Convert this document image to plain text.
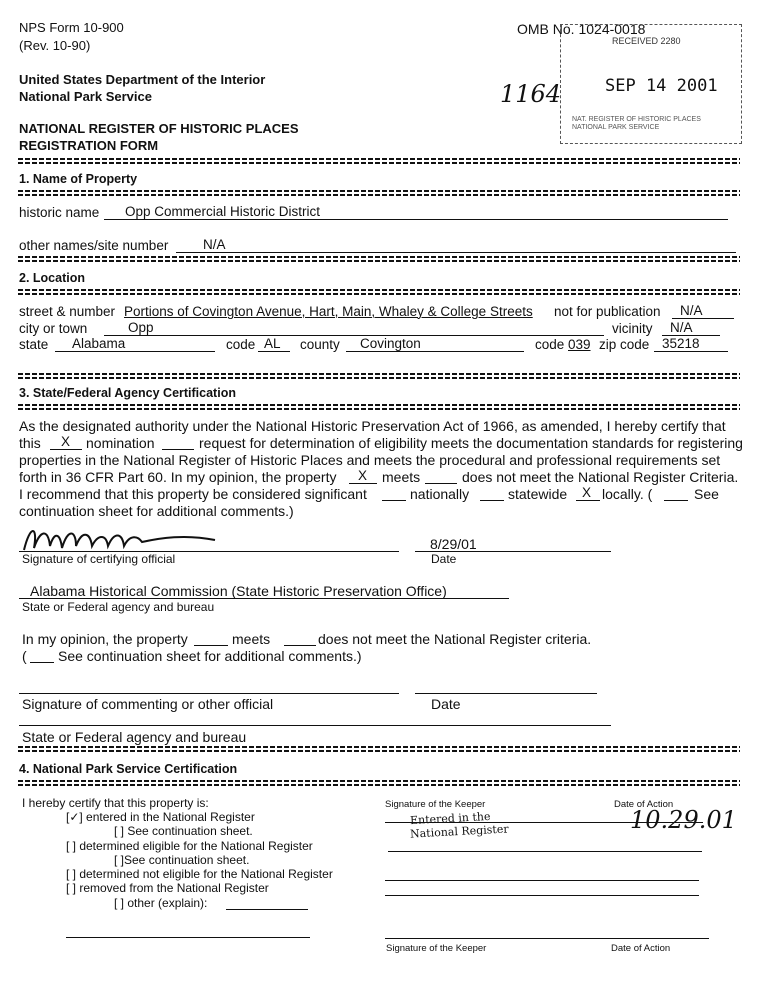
NPS Form 10-900
(Rev. 10-90)
United States Department of the Interior
National Park Service
NATIONAL REGISTER OF HISTORIC PLACES
REGISTRATION FORM
OMB No. 1024-0018
1164
RECEIVED 2280
SEP 14 2001
NAT. REGISTER OF HISTORIC PLACES NATIONAL PARK SERVICE
1. Name of Property
historic name Opp Commercial Historic District
other names/site number	N/A
2. Location
street & number Portions of Covington Avenue, Hart, Main, Whaley & College Streets not for publication N/A
city or town	Opp	vicinity N/A
state Alabama	code AL county Covington	code 039 zip code 35218
3. State/Federal Agency Certification
As the designated authority under the National Historic Preservation Act of 1966, as amended, I hereby certify that
this X nomination	request for determination of eligibility meets the documentation standards for registering
properties in the National Register of Historic Places and meets the procedural and professional requirements set
forth in 36 CFR Part 60. In my opinion, the property X meets	does not meet the National Register Criteria.
I recommend that this property be considered significant	nationally	statewide X locally. (	See
continuation sheet for additional comments.)
Signature of certifying official
8/29/01
Date
Alabama Historical Commission (State Historic Preservation Office)
State or Federal agency and bureau
In my opinion, the property	meets	does not meet the National Register criteria.
( See continuation sheet for additional comments.)
Signature of commenting or other official	Date
State or Federal agency and bureau
4. National Park Service Certification
I hereby certify that this property is:
[✓] entered in the National Register
[ ] See continuation sheet.
[ ] determined eligible for the National Register
[ ]See continuation sheet.
[ ] determined not eligible for the National Register
[ ] removed from the National Register
[ ] other (explain):
Signature of the Keeper	Date of Action
Entered in the
National Register	10.29.01
Signature of the Keeper	Date of Action
